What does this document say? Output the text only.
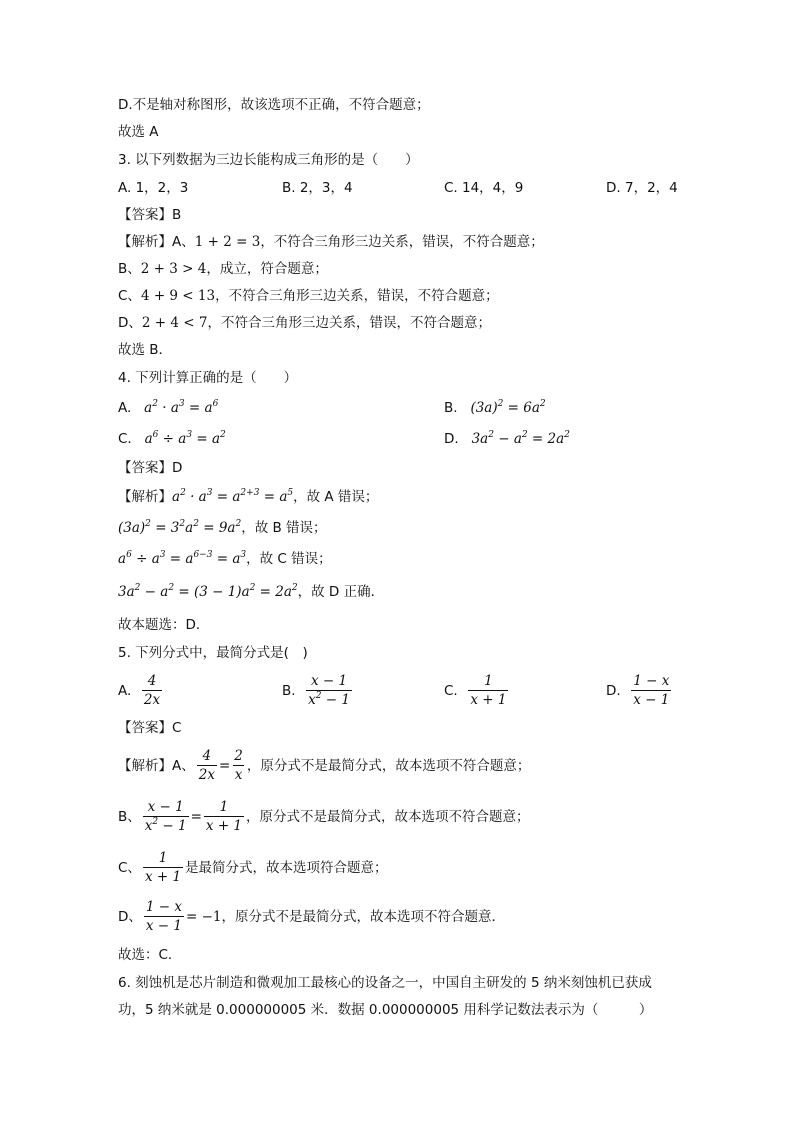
D.不是轴对称图形，故该选项不正确，不符合题意；
故选 A
3. 以下列数据为三边长能构成三角形的是（　　）
A. 1，2，3	B. 2，3，4	C. 14，4，9	D. 7，2，4
【答案】B
【解析】A、1 + 2 = 3，不符合三角形三边关系，错误，不符合题意；
B、2 + 3 > 4，成立，符合题意；
C、4 + 9 < 13，不符合三角形三边关系，错误，不符合题意；
D、2 + 4 < 7，不符合三角形三边关系，错误，不符合题意；
故选 B．
4. 下列计算正确的是（　　）
A. $a^2 \cdot a^3 = a^6$	B. $(3a)^2 = 6a^2$
C. $a^6 \div a^3 = a^2$	D. $3a^2 - a^2 = 2a^2$
【答案】D
【解析】$a^2 \cdot a^3 = a^{2+3} = a^5$，故 A 错误；
$(3a)^2 = 3^2a^2 = 9a^2$，故 B 错误；
$a^6 \div a^3 = a^{6-3} = a^3$，故 C 错误；
$3a^2 - a^2 = (3 - 1)a^2 = 2a^2$，故 D 正确．
故本题选：D．
5. 下列分式中，最简分式是(　)
A.
$\frac{4}{2x}$	B.
$\frac{x - 1}{x^2 - 1}$	C.
$\frac{1}{x + 1}$	D.
$\frac{1 - x}{x - 1}$
【答案】C
【解析】A、 $\frac{4}{2x} = \frac{2}{x}$ ，原分式不是最简分式，故本选项不符合题意；
B、 $\frac{x - 1}{x^2 - 1} = \frac{1}{x + 1}$ ，原分式不是最简分式，故本选项不符合题意；
C、 $\frac{1}{x + 1}$ 是最简分式，故本选项符合题意；
D、 $\frac{1 - x}{x - 1} = -1$ ，原分式不是最简分式，故本选项不符合题意．
故选：C．
6. 刻蚀机是芯片制造和微观加工最核心的设备之一，中国自主研发的 5 纳米刻蚀机已获成
功，5 纳米就是 0.000000005 米．数据 0.000000005 用科学记数法表示为（　　　）
